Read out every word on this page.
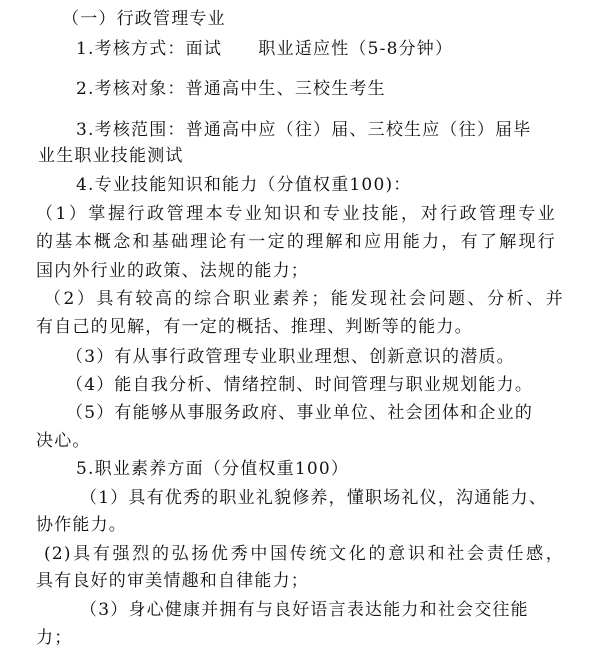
（一）行政管理专业
1.考核方式：面试　　职业适应性（5-8分钟）
2.考核对象：普通高中生、三校生考生
3.考核范围：普通高中应（往）届、三校生应（往）届毕
业生职业技能测试
4.专业技能知识和能力（分值权重100)：
（1）掌握行政管理本专业知识和专业技能，对行政管理专业
的基本概念和基础理论有一定的理解和应用能力，有了解现行
国内外行业的政策、法规的能力；
（2）具有较高的综合职业素养；能发现社会问题、分析、并
有自己的见解，有一定的概括、推理、判断等的能力。
（3）有从事行政管理专业职业理想、创新意识的潜质。
（4）能自我分析、情绪控制、时间管理与职业规划能力。
（5）有能够从事服务政府、事业单位、社会团体和企业的
决心。
5.职业素养方面（分值权重100）
（1）具有优秀的职业礼貌修养，懂职场礼仪，沟通能力、
协作能力。
(2)具有强烈的弘扬优秀中国传统文化的意识和社会责任感，
具有良好的审美情趣和自律能力；
（3）身心健康并拥有与良好语言表达能力和社会交往能
力；
